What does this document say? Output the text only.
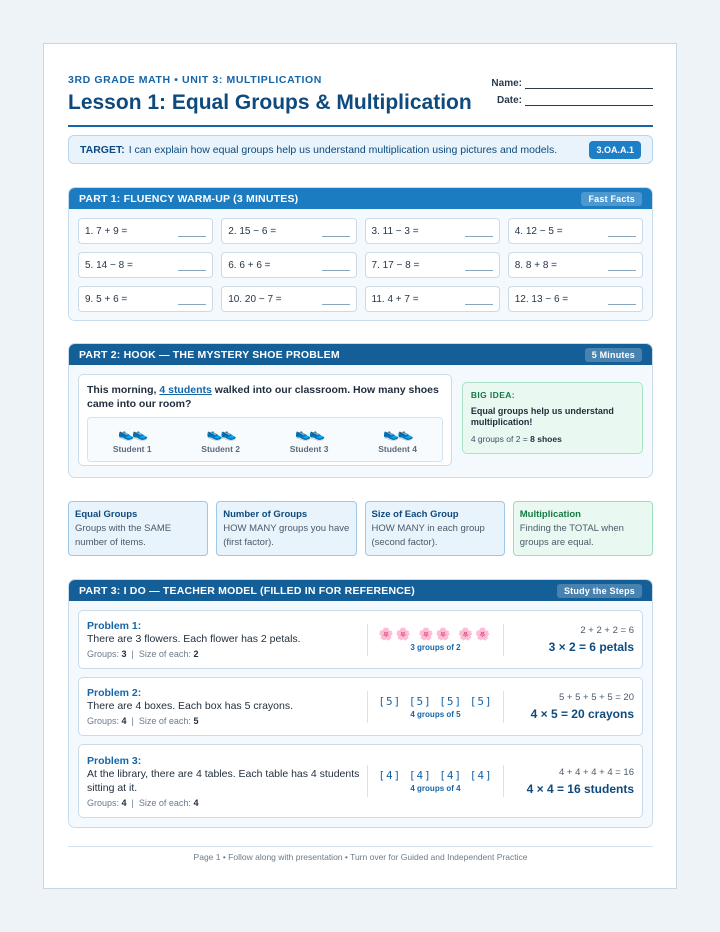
3RD GRADE MATH • UNIT 3: MULTIPLICATION
Lesson 1: Equal Groups & Multiplication
Name:
Date:
TARGET: I can explain how equal groups help us understand multiplication using pictures and models.	3.OA.A.1
PART 1: FLUENCY WARM-UP (3 MINUTES)	Fast Facts
1. 7 + 9 =	2. 15 − 6 =	3. 11 − 3 =	4. 12 − 5 =
5. 14 − 8 =	6. 6 + 6 =	7. 17 − 8 =	8. 8 + 8 =
9. 5 + 6 =	10. 20 − 7 =	11. 4 + 7 =	12. 13 − 6 =
PART 2: HOOK — THE MYSTERY SHOE PROBLEM	5 Minutes
This morning, 4 students walked into our classroom. How many shoes came into our room?
👟👟
Student 1
👟👟
Student 2
👟👟
Student 3
👟👟
Student 4
BIG IDEA:
Equal groups help us understand multiplication!
4 groups of 2 = 8 shoes
Equal Groups
Groups with the SAME number of items.
Number of Groups
HOW MANY groups you have (first factor).
Size of Each Group
HOW MANY in each group (second factor).
Multiplication
Finding the TOTAL when groups are equal.
PART 3: I DO — TEACHER MODEL (FILLED IN FOR REFERENCE)	Study the Steps
Problem 1:
There are 3 flowers. Each flower has 2 petals.
Groups: 3  |  Size of each: 2
🌸🌸 🌸🌸 🌸🌸
3 groups of 2
2 + 2 + 2 = 6
3 × 2 = 6 petals
Problem 2:
There are 4 boxes. Each box has 5 crayons.
Groups: 4  |  Size of each: 5
[5] [5] [5] [5]
4 groups of 5
5 + 5 + 5 + 5 = 20
4 × 5 = 20 crayons
Problem 3:
At the library, there are 4 tables. Each table has 4 students sitting at it.
Groups: 4  |  Size of each: 4
[4] [4] [4] [4]
4 groups of 4
4 + 4 + 4 + 4 = 16
4 × 4 = 16 students
Page 1 • Follow along with presentation • Turn over for Guided and Independent Practice
